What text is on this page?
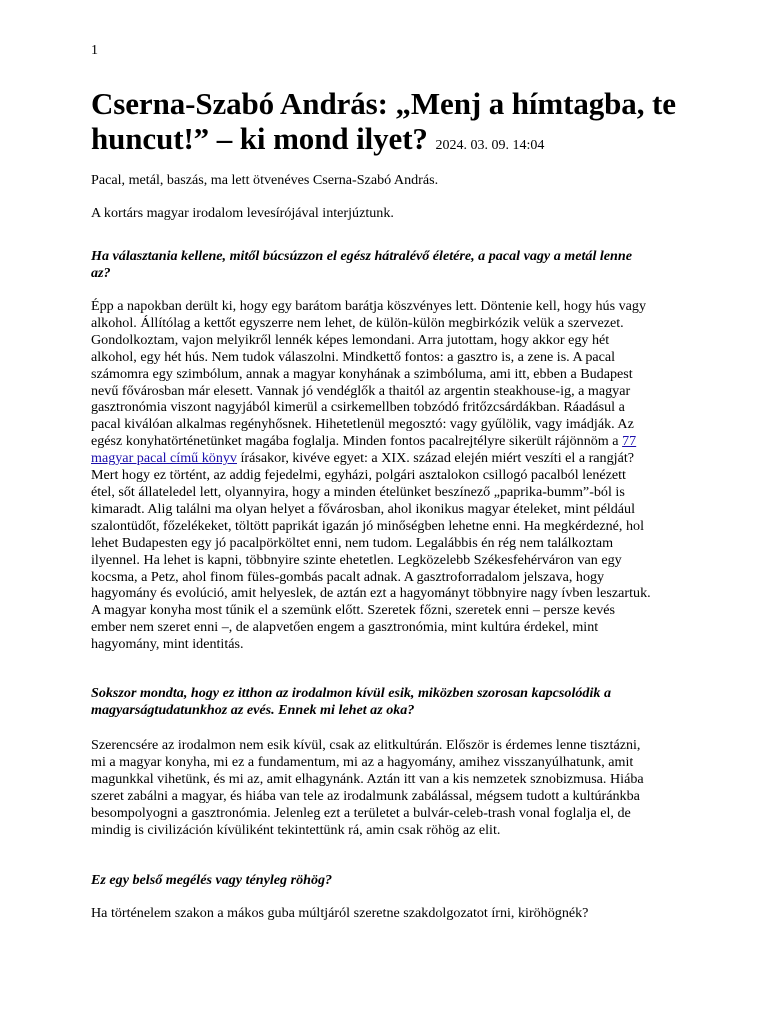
1
Cserna-Szabó András: „Menj a hímtagba, te huncut!” – ki mond ilyet? 2024. 03. 09. 14:04

Pacal, metál, baszás, ma lett ötvenéves Cserna-Szabó András.

A kortárs magyar irodalom levesírójával interjúztunk.

Ha választania kellene, mitől búcsúzzon el egész hátralévő életére, a pacal vagy a metál lenne az?

Épp a napokban derült ki, hogy egy barátom barátja köszvényes lett. Döntenie kell, hogy hús vagy alkohol. Állítólag a kettőt egyszerre nem lehet, de külön-külön megbirkózik velük a szervezet. Gondolkoztam, vajon melyikről lennék képes lemondani. Arra jutottam, hogy akkor egy hét alkohol, egy hét hús. Nem tudok válaszolni. Mindkettő fontos: a gasztro is, a zene is. A pacal számomra egy szimbólum, annak a magyar konyhának a szimbóluma, ami itt, ebben a Budapest nevű fővárosban már elesett. Vannak jó vendéglők a thaitól az argentin steakhouse-ig, a magyar gasztronómia viszont nagyjából kimerül a csirkemellben tobzódó fritőzcsárdákban. Ráadásul a pacal kiválóan alkalmas regényhősnek. Hihetetlenül megosztó: vagy gyűlölik, vagy imádják. Az egész konyhatörténetünket magába foglalja. Minden fontos pacalrejtélyre sikerült rájönnöm a 77 magyar pacal című könyv írásakor, kivéve egyet: a XIX. század elején miért veszíti el a rangját? Mert hogy ez történt, az addig fejedelmi, egyházi, polgári asztalokon csillogó pacalból lenézett étel, sőt állateledel lett, olyannyira, hogy a minden ételünket beszínező „paprika-bumm”-ból is kimaradt. Alig találni ma olyan helyet a fővárosban, ahol ikonikus magyar ételeket, mint például szalontüdőt, főzelékeket, töltött paprikát igazán jó minőségben lehetne enni. Ha megkérdezné, hol lehet Budapesten egy jó pacalpörköltet enni, nem tudom. Legalábbis én rég nem találkoztam ilyennel. Ha lehet is kapni, többnyire szinte ehetetlen. Legközelebb Székesfehérváron van egy kocsma, a Petz, ahol finom füles-gombás pacalt adnak. A gasztroforradalom jelszava, hogy hagyomány és evolúció, amit helyeslek, de aztán ezt a hagyományt többnyire nagy ívben leszartuk. A magyar konyha most tűnik el a szemünk előtt. Szeretek főzni, szeretek enni – persze kevés ember nem szeret enni –, de alapvetően engem a gasztronómia, mint kultúra érdekel, mint hagyomány, mint identitás.

Sokszor mondta, hogy ez itthon az irodalmon kívül esik, miközben szorosan kapcsolódik a magyarságtudatunkhoz az evés. Ennek mi lehet az oka?

Szerencsére az irodalmon nem esik kívül, csak az elitkultúrán. Először is érdemes lenne tisztázni, mi a magyar konyha, mi ez a fundamentum, mi az a hagyomány, amihez visszanyúlhatunk, amit magunkkal vihetünk, és mi az, amit elhagynánk. Aztán itt van a kis nemzetek sznobizmusa. Hiába szeret zabálni a magyar, és hiába van tele az irodalmunk zabálással, mégsem tudott a kultúránkba besompolyogni a gasztronómia. Jelenleg ezt a területet a bulvár-celeb-trash vonal foglalja el, de mindig is civilizáción kívüliként tekintettünk rá, amin csak röhög az elit.

Ez egy belső megélés vagy tényleg röhög?

Ha történelem szakon a mákos guba múltjáról szeretne szakdolgozatot írni, kiröhögnék?
